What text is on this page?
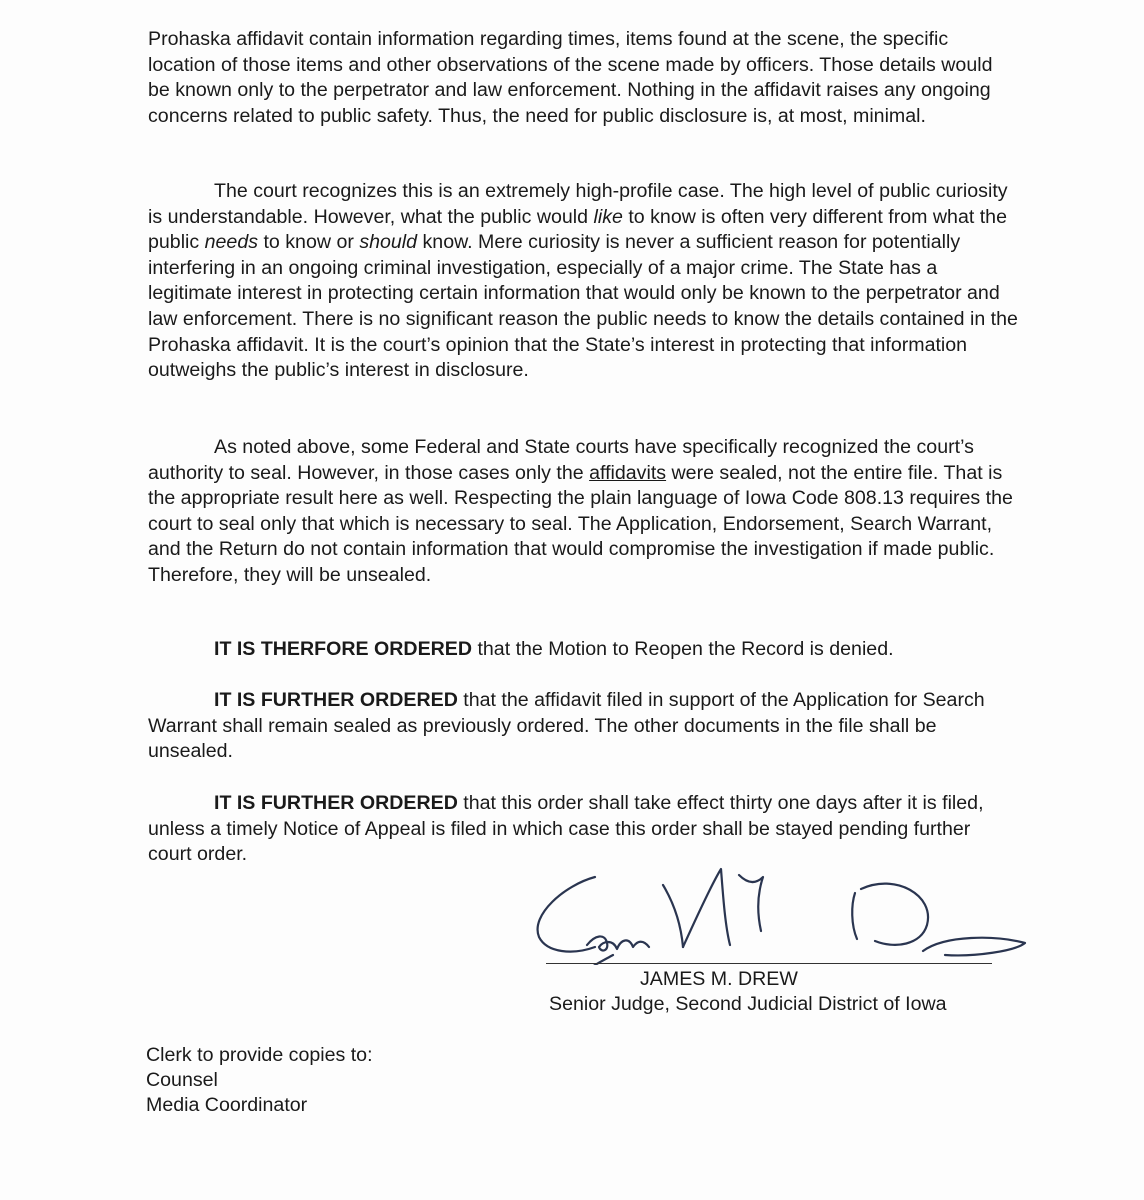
Prohaska affidavit contain information regarding times, items found at the scene, the specific location of those items and other observations of the scene made by officers. Those details would be known only to the perpetrator and law enforcement. Nothing in the affidavit raises any ongoing concerns related to public safety. Thus, the need for public disclosure is, at most, minimal.

The court recognizes this is an extremely high-profile case. The high level of public curiosity is understandable. However, what the public would like to know is often very different from what the public needs to know or should know. Mere curiosity is never a sufficient reason for potentially interfering in an ongoing criminal investigation, especially of a major crime. The State has a legitimate interest in protecting certain information that would only be known to the perpetrator and law enforcement. There is no significant reason the public needs to know the details contained in the Prohaska affidavit. It is the court’s opinion that the State’s interest in protecting that information outweighs the public’s interest in disclosure.

As noted above, some Federal and State courts have specifically recognized the court’s authority to seal. However, in those cases only the affidavits were sealed, not the entire file. That is the appropriate result here as well. Respecting the plain language of Iowa Code 808.13 requires the court to seal only that which is necessary to seal. The Application, Endorsement, Search Warrant, and the Return do not contain information that would compromise the investigation if made public. Therefore, they will be unsealed.

IT IS THERFORE ORDERED that the Motion to Reopen the Record is denied.

IT IS FURTHER ORDERED that the affidavit filed in support of the Application for Search Warrant shall remain sealed as previously ordered. The other documents in the file shall be unsealed.

IT IS FURTHER ORDERED that this order shall take effect thirty one days after it is filed, unless a timely Notice of Appeal is filed in which case this order shall be stayed pending further court order.

JAMES M. DREW
Senior Judge, Second Judicial District of Iowa
Clerk to provide copies to:
Counsel
Media Coordinator
